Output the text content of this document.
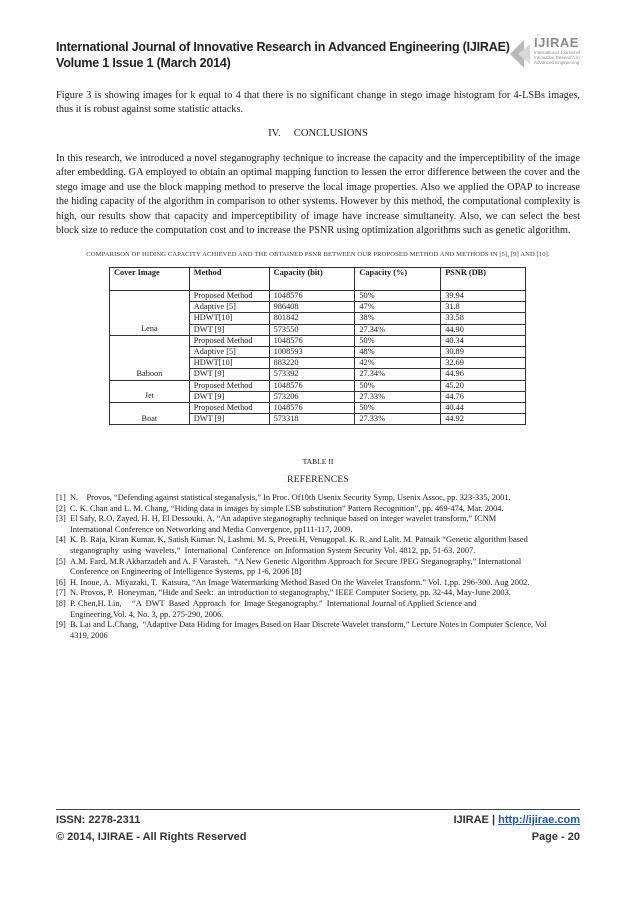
International Journal of Innovative Research in Advanced Engineering (IJIRAE)
Volume 1 Issue 1 (March 2014)
IJIRAE
International Journal of
Innovative Research in
Advanced Engineering
Figure 3 is showing images for k equal to 4 that there is no significant change in stego image histogram for 4-LSBs images, thus it is robust against some statistic attacks.
IV.     CONCLUSIONS
In this research, we introduced a novel steganography technique to increase the capacity and the imperceptibility of the image after embedding. GA employed to obtain an optimal mapping function to lessen the error difference between the cover and the stego image and use the block mapping method to preserve the local image properties. Also we applied the OPAP to increase the hiding capacity of the algorithm in comparison to other systems. However by this method, the computational complexity is high, our results show that capacity and imperceptibility of image have increase simultaneity. Also, we can select the best block size to reduce the computation cost and to increase the PSNR using optimization algorithms such as genetic algorithm.
COMPARISON OF HIDING CAPACITY ACHIEVED AND THE OBTAINED PSNR BETWEEN OUR PROPOSED METHOD AND METHODS IN [5], [9] AND [10].
Cover Image	Method	Capacity (bit)	Capacity (%)	PSNR (DB)
	Proposed Method	1048576	50%	39.94
	Adaptive [5]	986408	47%	31.8
	HDWT[10]	801842	38%	33.58
Lena	DWT [9]	573550	27.34%	44.90
	Proposed Method	1048576	50%	40.34
	Adaptive [5]	1008593	48%	30.89
	HDWT[10]	883220	42%	32.69
Baboon	DWT [9]	573392	27.34%	44.96
	Proposed Method	1048576	50%	45.20
Jet	DWT [9]	573206	27.33%	44.76
	Proposed Method	1048576	50%	40.44
Boat	DWT [9]	573318	27.33%	44.92
TABLE II
REFERENCES

[1] N.    Provos, “Defending against statistical steganalysis,” In Proc. Of10th Usenix Security Symp, Usenix Assoc, pp. 323-335, 2001.

[2] C. K. Chan and L. M. Chang, “Hiding data in images by simple LSB substitution” Pattern Recognition”, pp. 469-474, Mar. 2004.

[3] El Safy, R.O, Zayed. H. H, El Dessouki. A, “An adaptive steganography technique based on integer wavelet transform,” ICNM

International Conference on Networking and Media Convergence, pp111-117, 2009.

[4] K. B. Raja, Kiran Kumar. K, Satish Kumar. N, Lashmi. M. S, Preeti.H, Venugopal. K. R. and Lalit. M. Patnaik “Genetic algorithm based

steganography  using  wavelets,”  International  Conference  on Information System Security Vol. 4812, pp, 51-63. 2007.

[5] A.M. Fard, M.R Akbarzadeh and A. F Varasteh.  “A New Genetic Algorithm Approach for Secure JPEG Steganography,” International

Conference on Engineering of Intelligence Systems, pp 1-6, 2006 [8]

[6] H. Inoue, A.  Miyazaki, T.  Katsura, “An Image Watermarking Method Based On the Wavelet Transform.” Vol. 1,pp. 296-300. Aug 2002.

[7] N. Provos, P.  Honeyman, “Hide and Seek:  an introduction to steganography,” IEEE Computer Society, pp. 32-44, May-June 2003.

[8] P. Chen,H. Lin,     “A  DWT  Based  Approach  for  Image Steganography.”  International Journal of Applied Science and

Engineering,Vol. 4, No. 3, pp. 275-290, 2006.

[9] B. Lai and L.Chang,  “Adaptive Data Hiding for Images Based on Haar Discrete Wavelet transform,” Lecture Notes in Computer Science, Vol

4319, 2006

ISSN: 2278-2311	IJIRAE | http://ijirae.com
© 2014, IJIRAE - All Rights Reserved	Page - 20
